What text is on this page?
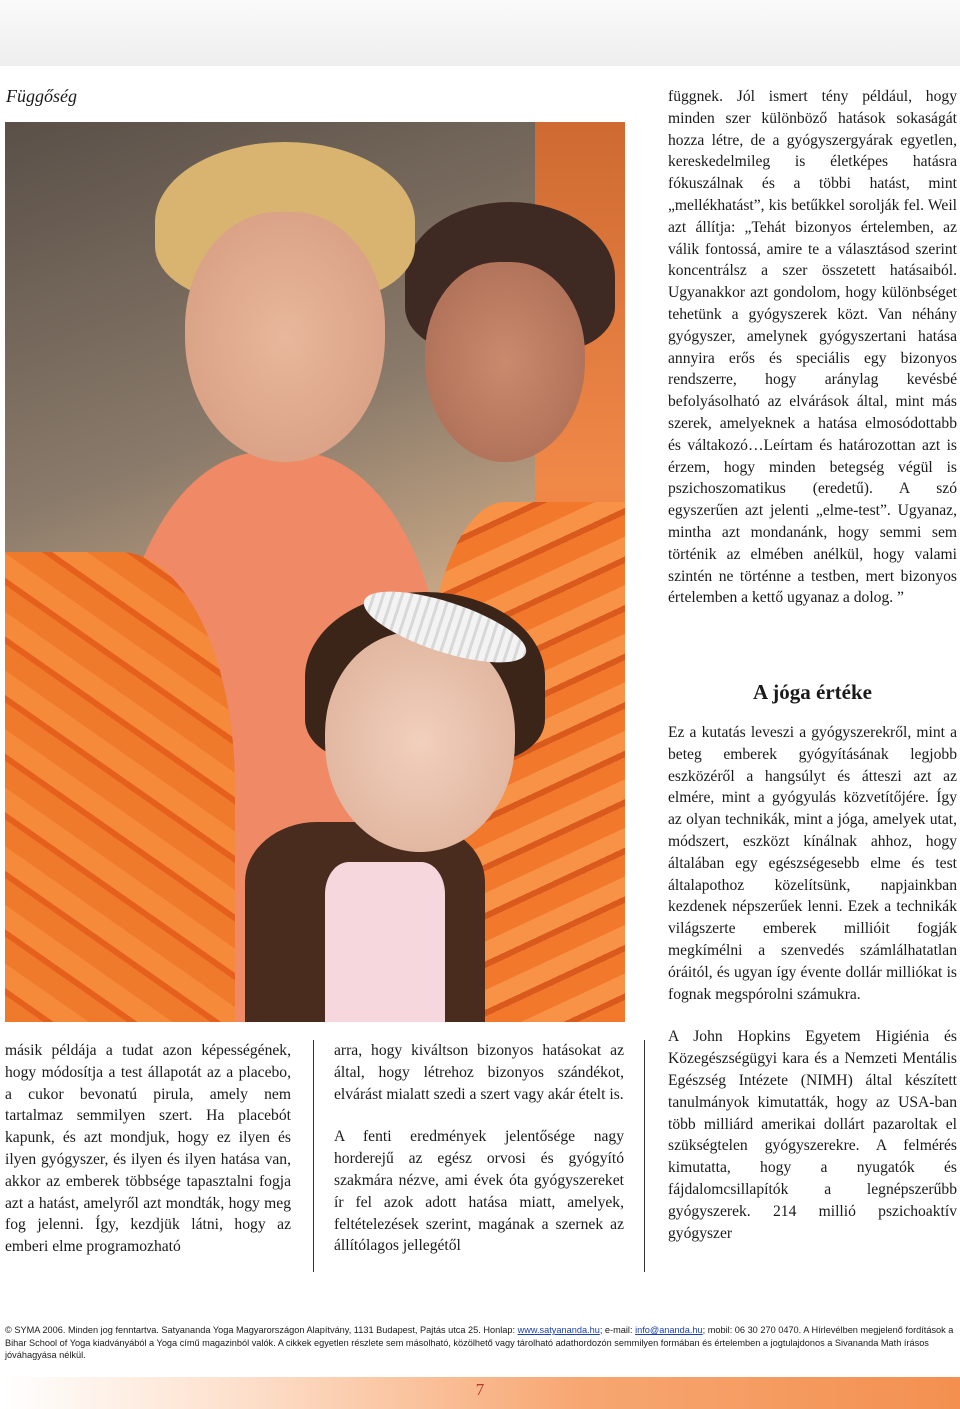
Függőség

másik példája a tudat azon képességének, hogy módosítja a test állapotát az a placebo, a cukor bevonatú pirula, amely nem tartalmaz semmilyen szert. Ha placebót kapunk, és azt mondjuk, hogy ez ilyen és ilyen gyógyszer, és ilyen és ilyen hatása van, akkor az emberek többsége tapasztalni fogja azt a hatást, amelyről azt mondták, hogy meg fog jelenni. Így, kezdjük látni, hogy az emberi elme programozható

arra, hogy kiváltson bizonyos hatásokat az által, hogy létrehoz bizonyos szándékot, elvárást mialatt szedi a szert vagy akár ételt is.

A fenti eredmények jelentősége nagy horderejű az egész orvosi és gyógyító szakmára nézve, ami évek óta gyógyszereket ír fel azok adott hatása miatt, amelyek, feltételezések szerint, magának a szernek az állítólagos jellegétől

függnek. Jól ismert tény például, hogy minden szer különböző hatások sokaságát hozza létre, de a gyógyszergyárak egyetlen, kereskedelmileg is életképes hatásra fókuszálnak és a többi hatást, mint „mellékhatást”, kis betűkkel sorolják fel. Weil azt állítja: „Tehát bizonyos értelemben, az válik fontossá, amire te a választásod szerint koncentrálsz a szer összetett hatásaiból. Ugyanakkor azt gondolom, hogy különbséget tehetünk a gyógyszerek közt. Van néhány gyógyszer, amelynek gyógyszertani hatása annyira erős és speciális egy bizonyos rendszerre, hogy aránylag kevésbé befolyásolható az elvárások által, mint más szerek, amelyeknek a hatása elmosódottabb és váltakozó…Leírtam és határozottan azt is érzem, hogy minden betegség végül is pszichoszomatikus (eredetű). A szó egyszerűen azt jelenti „elme-test”. Ugyanaz, mintha azt mondanánk, hogy semmi sem történik az elmében anélkül, hogy valami szintén ne történne a testben, mert bizonyos értelemben a kettő ugyanaz a dolog. ”

A jóga értéke

Ez a kutatás leveszi a gyógyszerekről, mint a beteg emberek gyógyításának legjobb eszközéről a hangsúlyt és átteszi azt az elmére, mint a gyógyulás közvetítőjére. Így az olyan technikák, mint a jóga, amelyek utat, módszert, eszközt kínálnak ahhoz, hogy általában egy egészségesebb elme és test általapothoz közelítsünk, napjainkban kezdenek népszerűek lenni. Ezek a technikák világszerte emberek millióit fogják megkímélni a szenvedés számlálhatatlan óráitól, és ugyan így évente dollár milliókat is fognak megspórolni számukra.

A John Hopkins Egyetem Higiénia és Közegészségügyi kara és a Nemzeti Mentális Egészség Intézete (NIMH) által készített tanulmányok kimutatták, hogy az USA-ban több milliárd amerikai dollárt pazaroltak el szükségtelen gyógyszerekre. A felmérés kimutatta, hogy a nyugatók és fájdalomcsillapítók a legnépszerűbb gyógyszerek. 214 millió pszichoaktív gyógyszer

© SYMA 2006. Minden jog fenntartva. Satyananda Yoga Magyarországon Alapítvány, 1131 Budapest, Pajtás utca 25. Honlap: www.satyananda.hu; e-mail: info@ananda.hu; mobil: 06 30 270 0470. A Hírlevélben megjelenő fordítások a Bihar School of Yoga kiadványából a Yoga című magazinból valók. A cikkek egyetlen részlete sem másolható, közölhető vagy tárolható adathordozón semmilyen formában és értelemben a jogtulajdonos a Sivananda Math írásos jóváhagyása nélkül.
7
